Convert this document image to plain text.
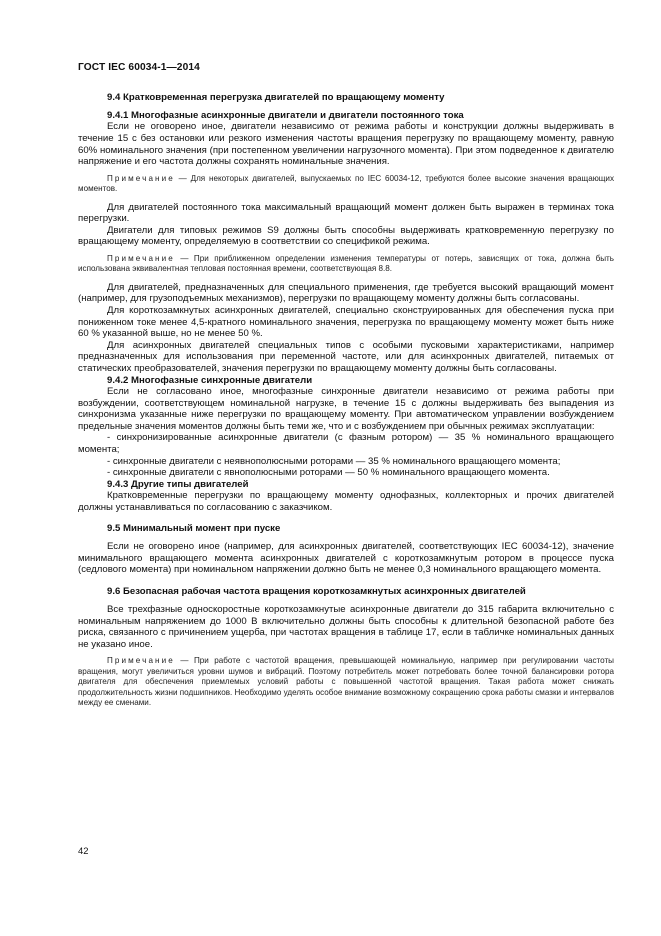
ГОСТ IEC 60034-1—2014
9.4 Кратковременная перегрузка двигателей по вращающему моменту
9.4.1 Многофазные асинхронные двигатели и двигатели постоянного тока

Если не оговорено иное, двигатели независимо от режима работы и конструкции должны выдерживать в течение 15 с без остановки или резкого изменения частоты вращения перегрузку по вращающему моменту, равную 60% номинального значения (при постепенном увеличении нагрузочного момента). При этом подведенное к двигателю напряжение и его частота должны сохранять номинальные значения.

Примечание — Для некоторых двигателей, выпускаемых по IEC 60034-12, требуются более высокие значения вращающих моментов.

Для двигателей постоянного тока максимальный вращающий момент должен быть выражен в терминах тока перегрузки.

Двигатели для типовых режимов S9 должны быть способны выдерживать кратковременную перегрузку по вращающему моменту, определяемую в соответствии со спецификой режима.

Примечание — При приближенном определении изменения температуры от потерь, зависящих от тока, должна быть использована эквивалентная тепловая постоянная времени, соответствующая 8.8.

Для двигателей, предназначенных для специального применения, где требуется высокий вращающий момент (например, для грузоподъемных механизмов), перегрузки по вращающему моменту должны быть согласованы.

Для короткозамкнутых асинхронных двигателей, специально сконструированных для обеспечения пуска при пониженном токе менее 4,5-кратного номинального значения, перегрузка по вращающему моменту может быть ниже 60 % указанной выше, но не менее 50 %.

Для асинхронных двигателей специальных типов с особыми пусковыми характеристиками, например предназначенных для использования при переменной частоте, или для асинхронных двигателей, питаемых от статических преобразователей, значения перегрузки по вращающему моменту должны быть согласованы.

9.4.2 Многофазные синхронные двигатели

Если не согласовано иное, многофазные синхронные двигатели независимо от режима работы при возбуждении, соответствующем номинальной нагрузке, в течение 15 с должны выдерживать без выпадения из синхронизма указанные ниже перегрузки по вращающему моменту. При автоматическом управлении возбуждением предельные значения моментов должны быть теми же, что и с возбуждением при обычных режимах эксплуатации:

- синхронизированные асинхронные двигатели (с фазным ротором) — 35 % номинального вращающего момента;

- синхронные двигатели с неявнополюсными роторами — 35 % номинального вращающего момента;

- синхронные двигатели с явнополюсными роторами — 50 % номинального вращающего момента.

9.4.3 Другие типы двигателей

Кратковременные перегрузки по вращающему моменту однофазных, коллекторных и прочих двигателей должны устанавливаться по согласованию с заказчиком.

9.5 Минимальный момент при пуске

Если не оговорено иное (например, для асинхронных двигателей, соответствующих IEC 60034-12), значение минимального вращающего момента асинхронных двигателей с короткозамкнутым ротором в процессе пуска (седлового момента) при номинальном напряжении должно быть не менее 0,3 номинального вращающего момента.

9.6 Безопасная рабочая частота вращения короткозамкнутых асинхронных двигателей

Все трехфазные односкоростные короткозамкнутые асинхронные двигатели до 315 габарита включительно с номинальным напряжением до 1000 В включительно должны быть способны к длительной безопасной работе без риска, связанного с причинением ущерба, при частотах вращения в таблице 17, если в табличке номинальных данных не указано иное.

Примечание — При работе с частотой вращения, превышающей номинальную, например при регулировании частоты вращения, могут увеличиться уровни шумов и вибраций. Поэтому потребитель может потребовать более точной балансировки ротора двигателя для обеспечения приемлемых условий работы с повышенной частотой вращения. Такая работа может снижать продолжительность жизни подшипников. Необходимо уделять особое внимание возможному сокращению срока работы смазки и интервалов между ее сменами.
42
